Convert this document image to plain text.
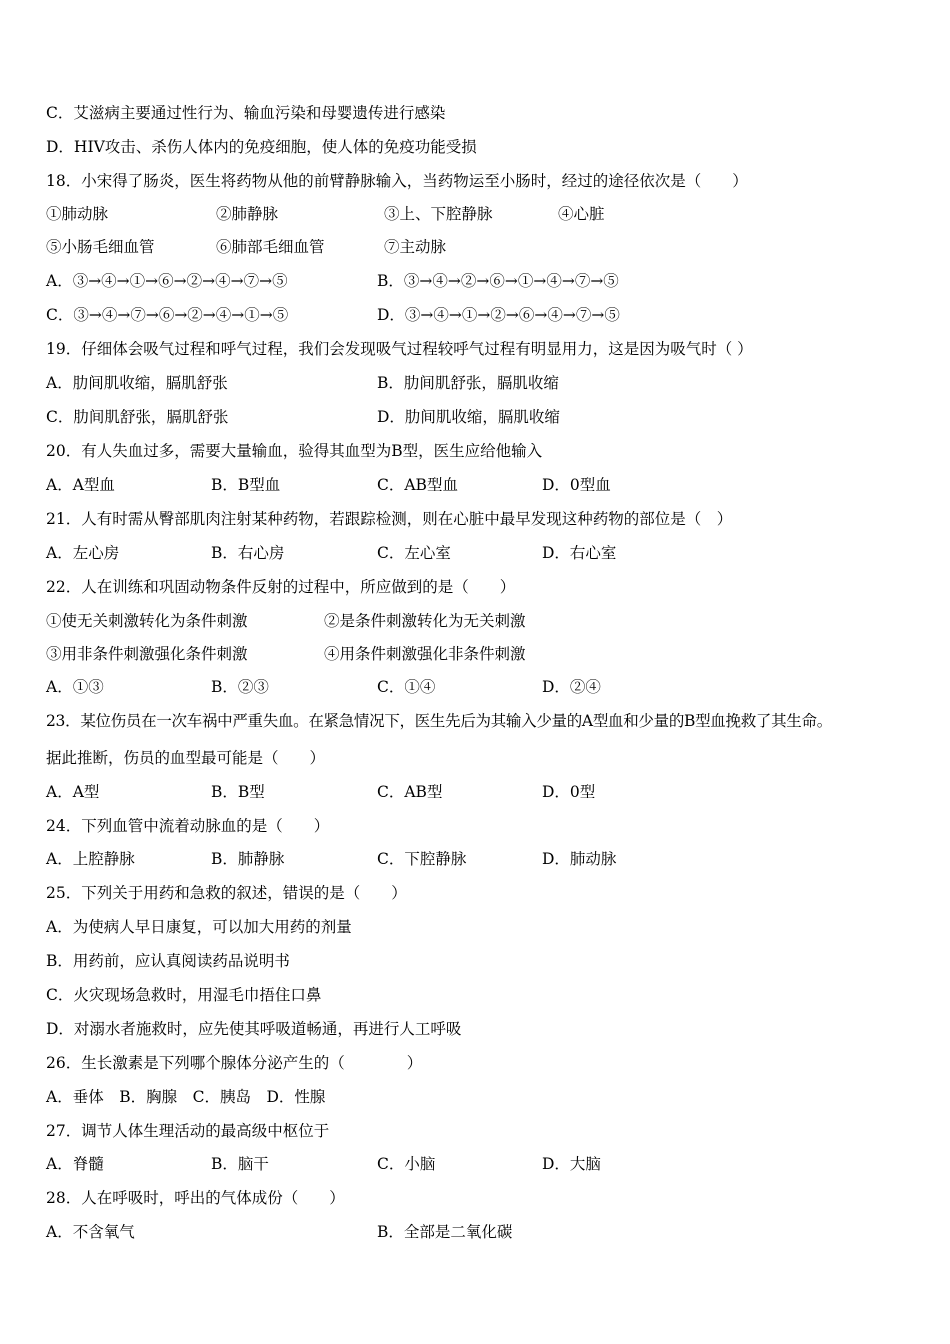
C．艾滋病主要通过性行为、输血污染和母婴遗传进行感染
D．HIV攻击、杀伤人体内的免疫细胞，使人体的免疫功能受损
18．小宋得了肠炎，医生将药物从他的前臂静脉输入，当药物运至小肠时，经过的途径依次是（　　）
①肺动脉	②肺静脉	③上、下腔静脉	④心脏
⑤小肠毛细血管	⑥肺部毛细血管	⑦主动脉
A．③→④→①→⑥→②→④→⑦→⑤	B．③→④→②→⑥→①→④→⑦→⑤
C．③→④→⑦→⑥→②→④→①→⑤	D．③→④→①→②→⑥→④→⑦→⑤
19．仔细体会吸气过程和呼气过程，我们会发现吸气过程较呼气过程有明显用力，这是因为吸气时（ ）
A．肋间肌收缩，膈肌舒张	B．肋间肌舒张，膈肌收缩
C．肋间肌舒张，膈肌舒张	D．肋间肌收缩，膈肌收缩
20．有人失血过多，需要大量输血，验得其血型为B型，医生应给他输入
A．A型血	B．B型血	C．AB型血	D．0型血
21．人有时需从臀部肌肉注射某种药物，若跟踪检测，则在心脏中最早发现这种药物的部位是（　）
A．左心房	B．右心房	C．左心室	D．右心室
22．人在训练和巩固动物条件反射的过程中，所应做到的是（　　）
①使无关刺激转化为条件刺激	②是条件刺激转化为无关刺激
③用非条件刺激强化条件刺激	④用条件刺激强化非条件刺激
A．①③	B．②③	C．①④	D．②④
23．某位伤员在一次车祸中严重失血。在紧急情况下，医生先后为其输入少量的A型血和少量的B型血挽救了其生命。
据此推断，伤员的血型最可能是（　　）
A．A型	B．B型	C．AB型	D．0型
24．下列血管中流着动脉血的是（　　）
A．上腔静脉	B．肺静脉	C．下腔静脉	D．肺动脉
25．下列关于用药和急救的叙述，错误的是（　　）
A．为使病人早日康复，可以加大用药的剂量
B．用药前，应认真阅读药品说明书
C．火灾现场急救时，用湿毛巾捂住口鼻
D．对溺水者施救时，应先使其呼吸道畅通，再进行人工呼吸
26．生长激素是下列哪个腺体分泌产生的（　　　　）
A．垂体　B．胸腺　C．胰岛　D．性腺
27．调节人体生理活动的最高级中枢位于
A．脊髓	B．脑干	C．小脑	D．大脑
28．人在呼吸时，呼出的气体成份（　　）
A．不含氧气	B．全部是二氧化碳
